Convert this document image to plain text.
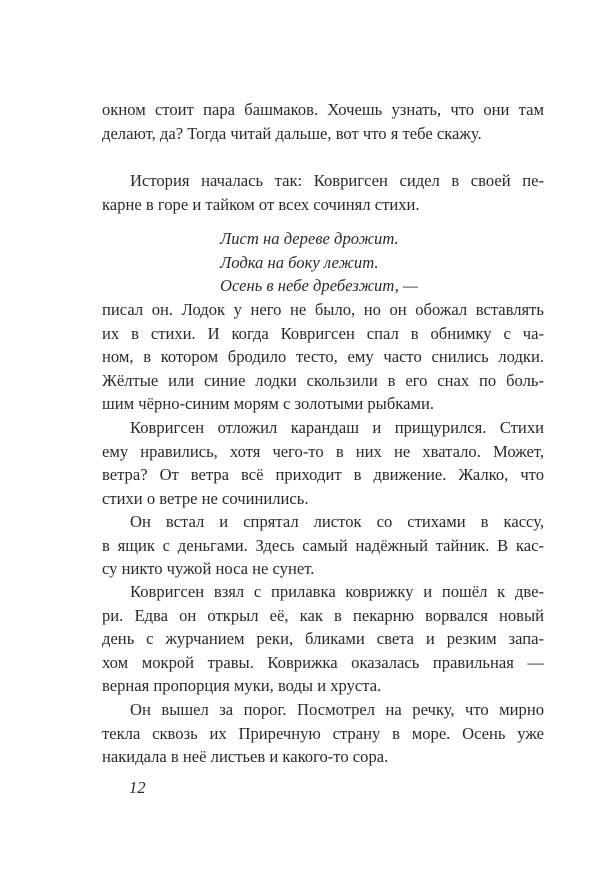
окном стоит пара башмаков. Хочешь узнать, что они там
делают, да? Тогда читай дальше, вот что я тебе скажу.
История началась так: Ковригсен сидел в своей пе-
карне в горе и тайком от всех сочинял стихи.
Лист на дереве дрожит.
Лодка на боку лежит.
Осень в небе дребезжит, —
писал он. Лодок у него не было, но он обожал вставлять
их в стихи. И когда Ковригсен спал в обнимку с ча-
ном, в котором бродило тесто, ему часто снились лодки.
Жёлтые или синие лодки скользили в его снах по боль-
шим чёрно-синим морям с золотыми рыбками.
Ковригсен отложил карандаш и прищурился. Стихи
ему нравились, хотя чего-то в них не хватало. Может,
ветра? От ветра всё приходит в движение. Жалко, что
стихи о ветре не сочинились.
Он встал и спрятал листок со стихами в кассу,
в ящик с деньгами. Здесь самый надёжный тайник. В кас-
су никто чужой носа не сунет.
Ковригсен взял с прилавка коврижку и пошёл к две-
ри. Едва он открыл её, как в пекарню ворвался новый
день с журчанием реки, бликами света и резким запа-
хом мокрой травы. Коврижка оказалась правильная —
верная пропорция муки, воды и хруста.
Он вышел за порог. Посмотрел на речку, что мирно
текла сквозь их Приречную страну в море. Осень уже
накидала в неё листьев и какого-то сора.
12
